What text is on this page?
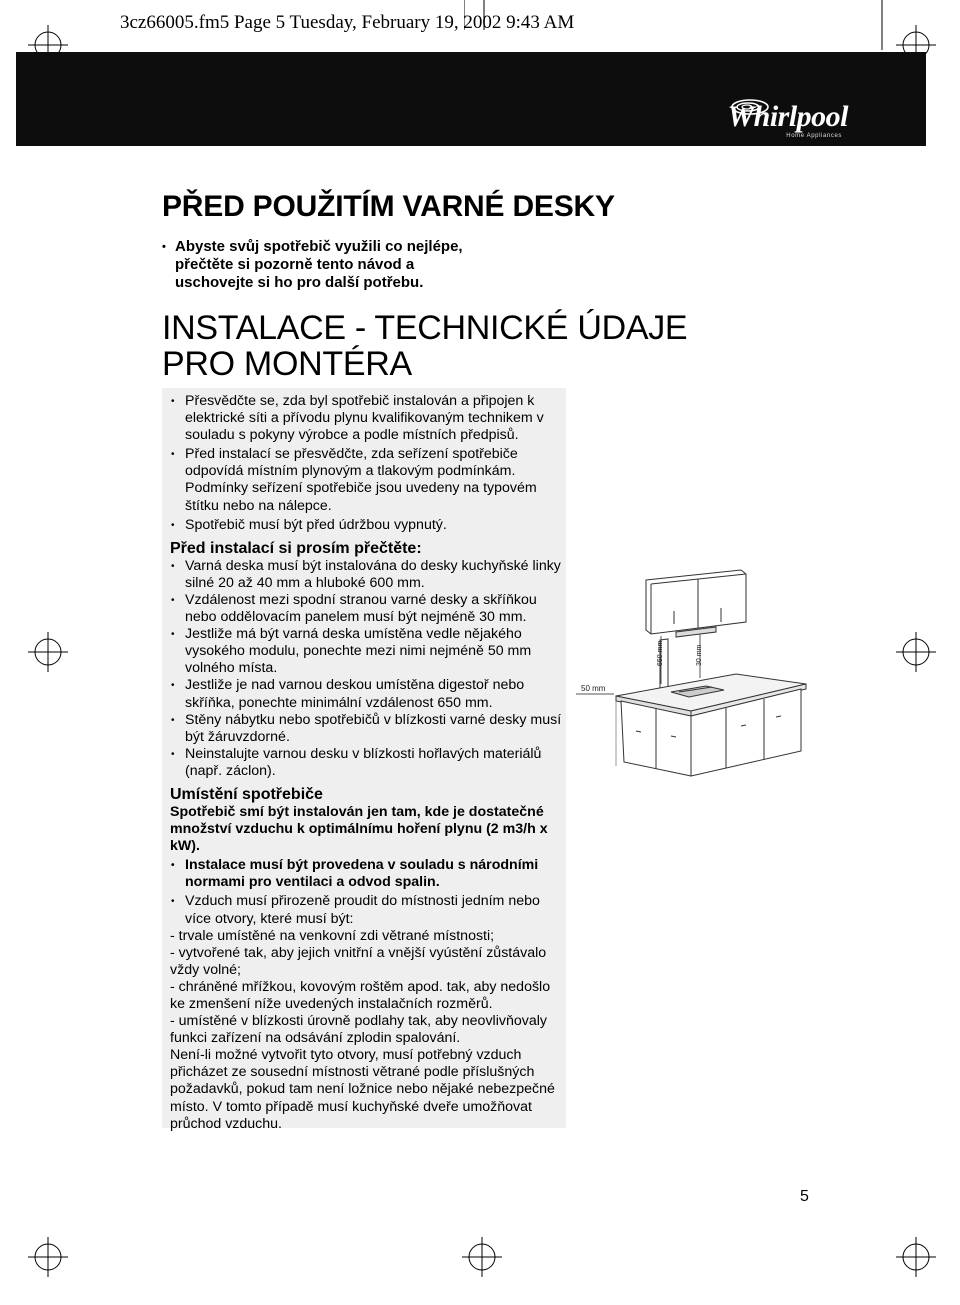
3cz66005.fm5 Page 5 Tuesday, February 19, 2002 9:43 AM
Whirlpool
Home Appliances
PŘED POUŽITÍM VARNÉ DESKY
• Abyste svůj spotřebič využili co nejlépe, přečtěte si pozorně tento návod a uschovejte si ho pro další potřebu.
INSTALACE - TECHNICKÉ ÚDAJE PRO MONTÉRA
• Přesvědčte se, zda byl spotřebič instalován a připojen k elektrické síti a přívodu plynu kvalifikovaným technikem v souladu s pokyny výrobce a podle místních předpisů.
• Před instalací se přesvědčte, zda seřízení spotřebiče odpovídá místním plynovým a tlakovým podmínkám. Podmínky seřízení spotřebiče jsou uvedeny na typovém štítku nebo na nálepce.
• Spotřebič musí být před údržbou vypnutý.
Před instalací si prosím přečtěte:
• Varná deska musí být instalována do desky kuchyňské linky silné 20 až 40 mm a hluboké 600 mm.
• Vzdálenost mezi spodní stranou varné desky a skříňkou nebo oddělovacím panelem musí být nejméně 30 mm.
• Jestliže má být varná deska umístěna vedle nějakého vysokého modulu, ponechte mezi nimi nejméně 50 mm volného místa.
• Jestliže je nad varnou deskou umístěna digestoř nebo skříňka, ponechte minimální vzdálenost 650 mm.
• Stěny nábytku nebo spotřebičů v blízkosti varné desky musí být žáruvzdorné.
• Neinstalujte varnou desku v blízkosti hořlavých materiálů (např. záclon).
Umístění spotřebiče
Spotřebič smí být instalován jen tam, kde je dostatečné množství vzduchu k optimálnímu hoření plynu (2 m3/h x kW).
• Instalace musí být provedena v souladu s národními normami pro ventilaci a odvod spalin.
• Vzduch musí přirozeně proudit do místnosti jedním nebo více otvory, které musí být:
- trvale umístěné na venkovní zdi větrané místnosti;
- vytvořené tak, aby jejich vnitřní a vnější vyústění zůstávalo vždy volné;
- chráněné mřížkou, kovovým roštěm apod. tak, aby nedošlo ke zmenšení níže uvedených instalačních rozměrů.
- umístěné v blízkosti úrovně podlahy tak, aby neovlivňovaly funkci zařízení na odsávání zplodin spalování.
Není-li možné vytvořit tyto otvory, musí potřebný vzduch přicházet ze sousední místnosti větrané podle příslušných požadavků, pokud tam není ložnice nebo nějaké nebezpečné místo. V tomto případě musí kuchyňské dveře umožňovat průchod vzduchu.
650 mm
50 mm
30 mm
5
